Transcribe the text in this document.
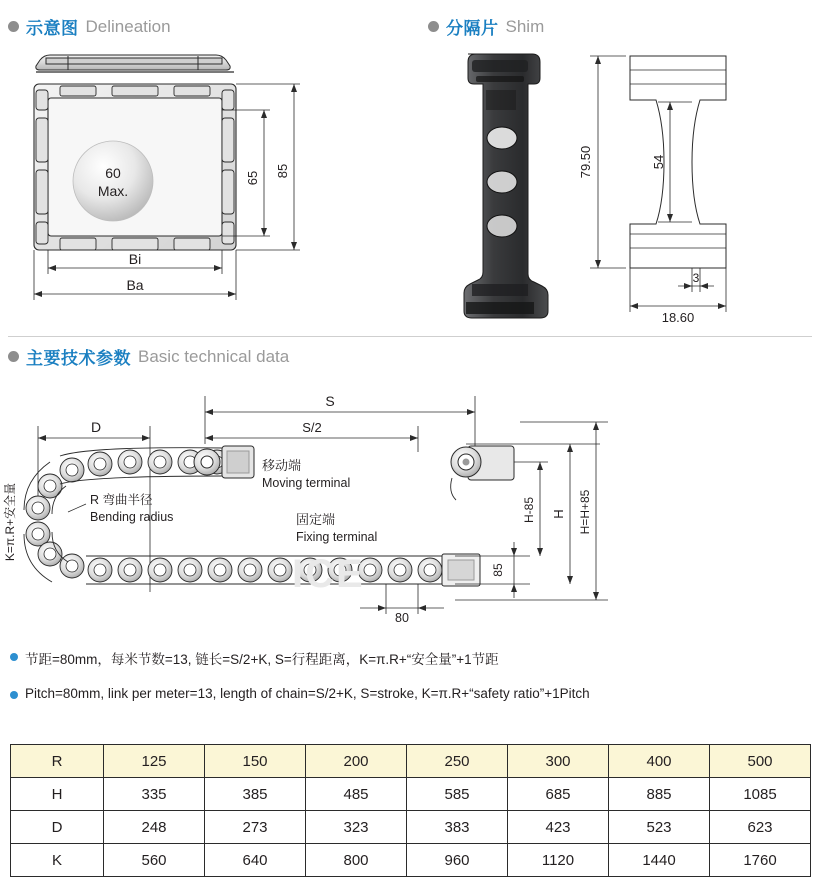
示意图 Delineation	分隔片 Shim
60
Max.
65 85
Bi
Ba
79.50	54
3
18.60
主要技术参数 Basic technical data
S
S/2
D
K=π.R+安全量
移动端
Moving terminal
R 弯曲半径
Bending radius	固定端
Fixing terminal
85
H-85 H H=H+85
80
ICE
节距=80mm，每米节数=13, 链长=S/2+K, S=行程距离，K=π.R+“安全量”+1节距
Pitch=80mm, link per meter=13, length of chain=S/2+K, S=stroke, K=π.R+“safety ratio”+1Pitch
R	125	150	200	250	300	400	500
H	335	385	485	585	685	885	1085
D	248	273	323	383	423	523	623
K	560	640	800	960	1120	1440	1760
